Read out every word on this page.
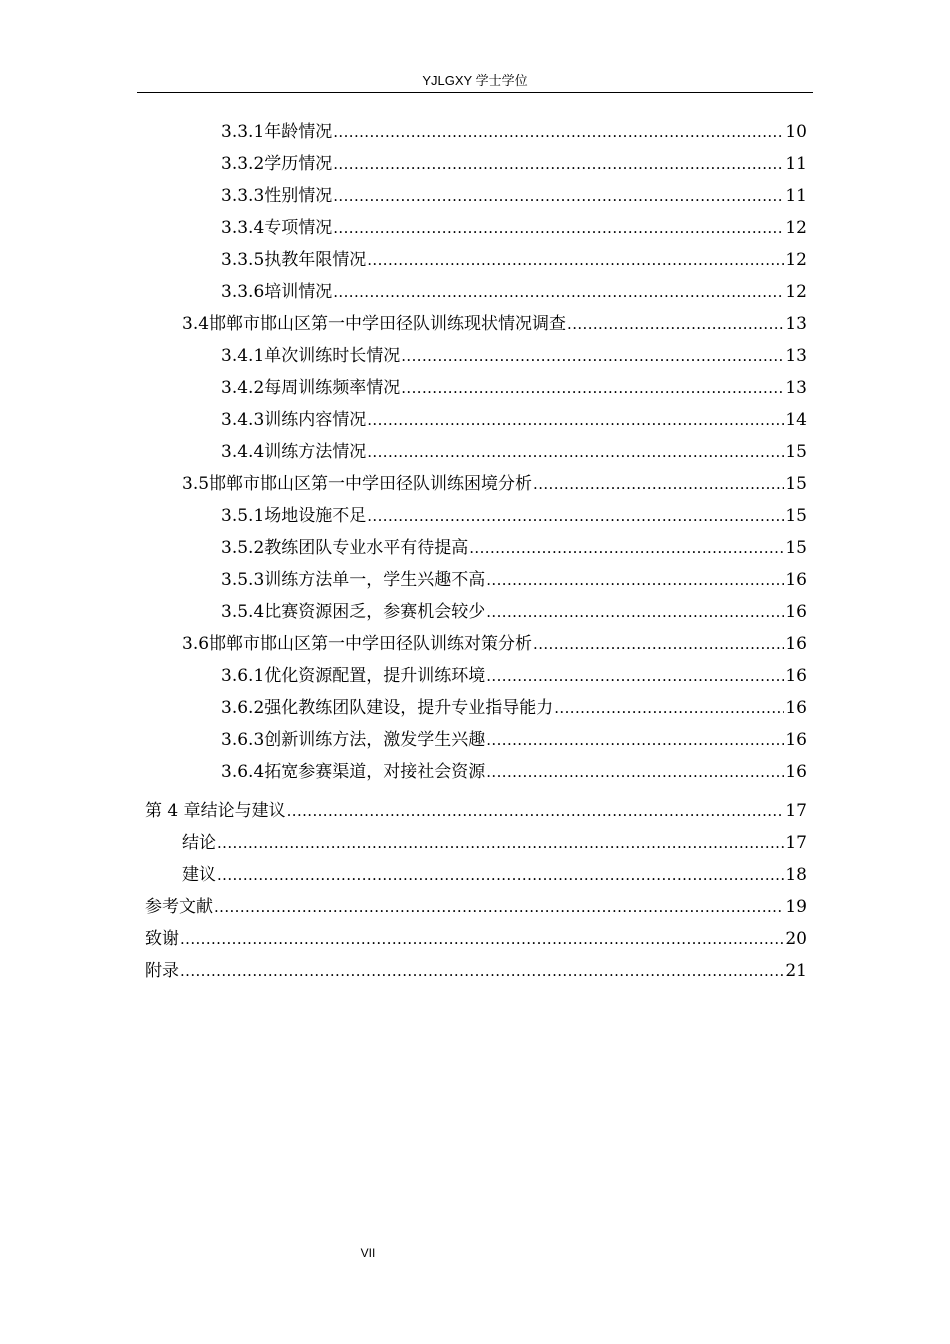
YJLGXY 学士学位
3.3.1 年龄情况 .....	10
3.3.2 学历情况 .....	11
3.3.3 性别情况 .....	11
3.3.4 专项情况 .....	12
3.3.5 执教年限情况 .....	12
3.3.6 培训情况 .....	12
3.4 邯郸市邯山区第一中学田径队训练现状情况调查 .....	13
3.4.1 单次训练时长情况 .....	13
3.4.2 每周训练频率情况 .....	13
3.4.3 训练内容情况 .....	14
3.4.4 训练方法情况 .....	15
3.5 邯郸市邯山区第一中学田径队训练困境分析 .....	15
3.5.1 场地设施不足 .....	15
3.5.2 教练团队专业水平有待提高 .....	15
3.5.3 训练方法单一，学生兴趣不高 .....	16
3.5.4 比赛资源困乏，参赛机会较少 .....	16
3.6 邯郸市邯山区第一中学田径队训练对策分析 .....	16
3.6.1 优化资源配置，提升训练环境 .....	16
3.6.2 强化教练团队建设，提升专业指导能力 .....	16
3.6.3 创新训练方法，激发学生兴趣 .....	16
3.6.4 拓宽参赛渠道，对接社会资源 .....	16
第 4 章 结论与建议 .....	17
结论 .....	17
建议 .....	18
参考文献 .....	19
致谢 .....	20
附录 .....	21
VII
